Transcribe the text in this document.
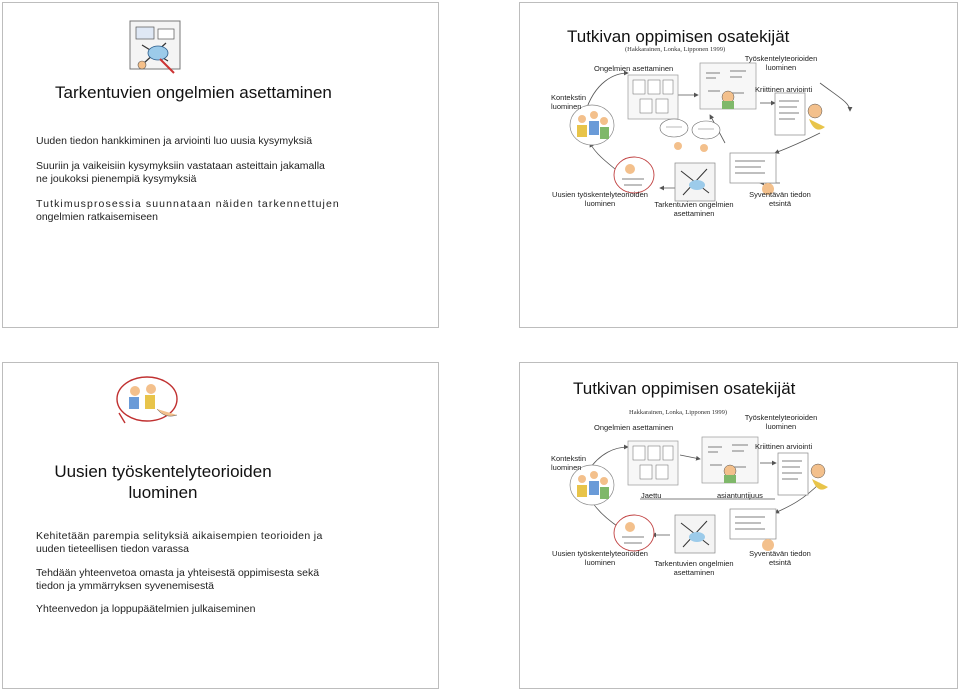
Tarkentuvien ongelmien asettaminen
Uuden tiedon hankkiminen ja arviointi luo uusia kysymyksiä
Suuriin ja vaikeisiin kysymyksiin vastataan asteittain jakamalla
ne joukoksi pienempiä kysymyksiä
Tutkimusprosessia suunnataan näiden tarkennettujen
ongelmien ratkaisemiseen
Tutkivan oppimisen osatekijät
(Hakkarainen, Lonka, Lipponen 1999)
Ongelmien asettaminen
Työskentelyteorioiden
luominen
Kriittinen arviointi
Kontekstin
luominen
Uusien työskentelyteorioiden
luominen	Tarkentuvien ongelmien
asettaminen
Syventävän tiedon
etsintä
Uusien työskentelyteorioiden
luominen
Kehitetään parempia selityksiä aikaisempien teorioiden ja
uuden tieteellisen tiedon varassa
Tehdään yhteenvetoa omasta ja yhteisestä oppimisesta sekä
tiedon ja ymmärryksen syvenemisestä
Yhteenvedon ja loppupäätelmien julkaiseminen
Tutkivan oppimisen osatekijät
Hakkarainen, Lonka, Lipponen 1999)
Ongelmien asettaminen
Työskentelyteorioiden
luominen
Kriittinen arviointi
Kontekstin
luominen
Jaettu	asiantuntijuus
Uusien työskentelyteorioiden
luominen	Tarkentuvien ongelmien
asettaminen
Syventävän tiedon
etsintä
